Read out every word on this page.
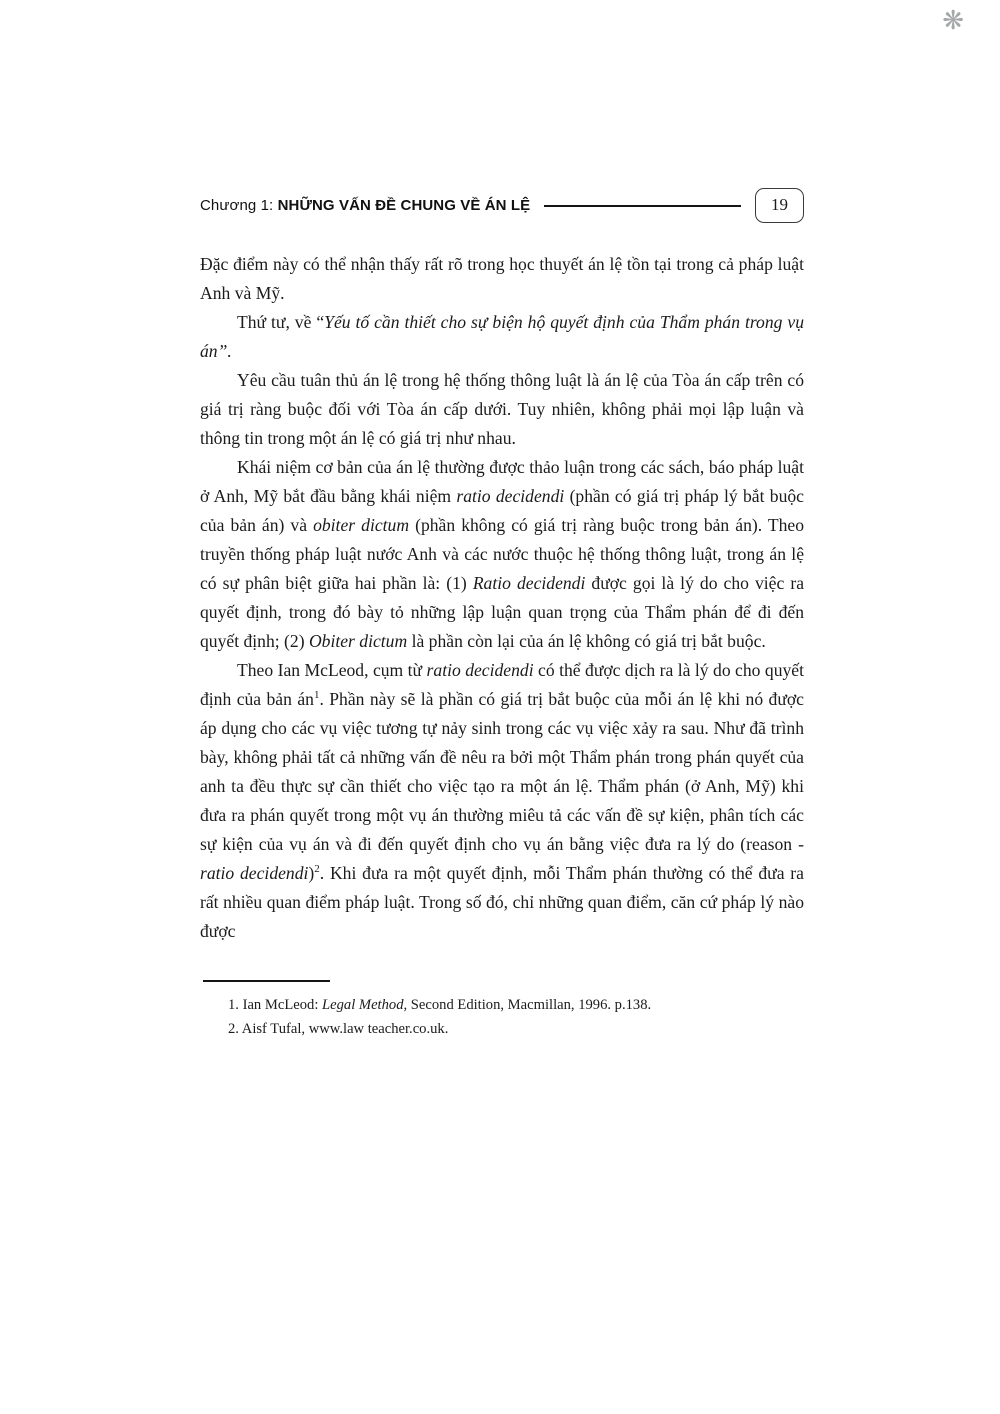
❋
Chương 1: NHỮNG VẤN ĐỀ CHUNG VỀ ÁN LỆ	19

Đặc điểm này có thể nhận thấy rất rõ trong học thuyết án lệ tồn tại trong cả pháp luật Anh và Mỹ.

Thứ tư, về “Yếu tố cần thiết cho sự biện hộ quyết định của Thẩm phán trong vụ án”.

Yêu cầu tuân thủ án lệ trong hệ thống thông luật là án lệ của Tòa án cấp trên có giá trị ràng buộc đối với Tòa án cấp dưới. Tuy nhiên, không phải mọi lập luận và thông tin trong một án lệ có giá trị như nhau.

Khái niệm cơ bản của án lệ thường được thảo luận trong các sách, báo pháp luật ở Anh, Mỹ bắt đầu bằng khái niệm ratio decidendi (phần có giá trị pháp lý bắt buộc của bản án) và obiter dictum (phần không có giá trị ràng buộc trong bản án). Theo truyền thống pháp luật nước Anh và các nước thuộc hệ thống thông luật, trong án lệ có sự phân biệt giữa hai phần là: (1) Ratio decidendi được gọi là lý do cho việc ra quyết định, trong đó bày tỏ những lập luận quan trọng của Thẩm phán để đi đến quyết định; (2) Obiter dictum là phần còn lại của án lệ không có giá trị bắt buộc.

Theo Ian McLeod, cụm từ ratio decidendi có thể được dịch ra là lý do cho quyết định của bản $án^1$. Phần này sẽ là phần có giá trị bắt buộc của mỗi án lệ khi nó được áp dụng cho các vụ việc tương tự nảy sinh trong các vụ việc xảy ra sau. Như đã trình bày, không phải tất cả những vấn đề nêu ra bởi một Thẩm phán trong phán quyết của anh ta đều thực sự cần thiết cho việc tạo ra một án lệ. Thẩm phán (ở Anh, Mỹ) khi đưa ra phán quyết trong một vụ án thường miêu tả các vấn đề sự kiện, phân tích các sự kiện của vụ án và đi đến quyết định cho vụ án bằng việc đưa ra lý do (reason - ratio decidendi)$^2$. Khi đưa ra một quyết định, mỗi Thẩm phán thường có thể đưa ra rất nhiều quan điểm pháp luật. Trong số đó, chỉ những quan điểm, căn cứ pháp lý nào được

1. Ian McLeod: Legal Method, Second Edition, Macmillan, 1996. p.138.

2. Aisf Tufal, www.law teacher.co.uk.
